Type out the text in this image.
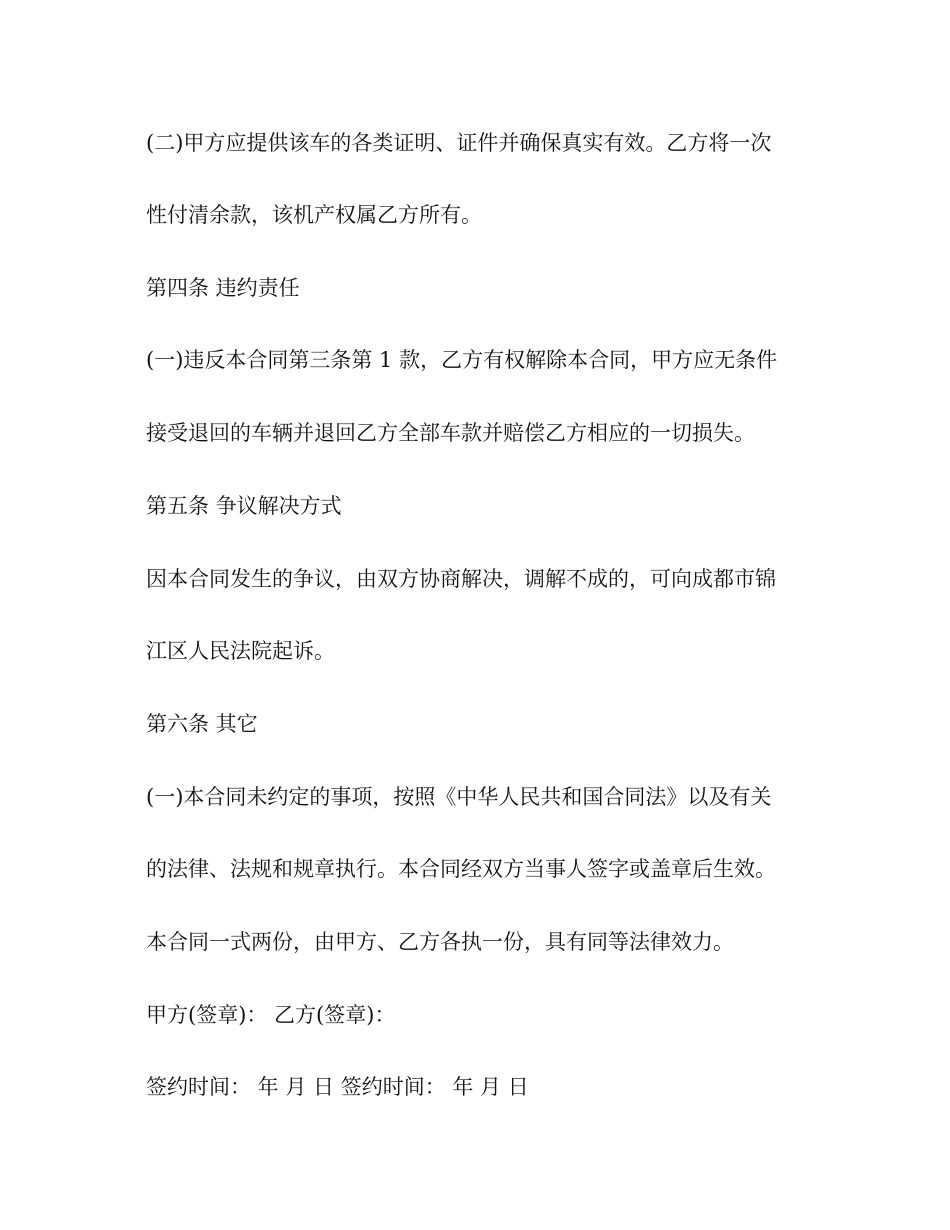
(二)甲方应提供该车的各类证明、证件并确保真实有效。乙方将一次
性付清余款，该机产权属乙方所有。
第四条 违约责任
(一)违反本合同第三条第 1 款，乙方有权解除本合同，甲方应无条件
接受退回的车辆并退回乙方全部车款并赔偿乙方相应的一切损失。
第五条 争议解决方式
因本合同发生的争议，由双方协商解决，调解不成的，可向成都市锦
江区人民法院起诉。
第六条 其它
(一)本合同未约定的事项，按照《中华人民共和国合同法》以及有关
的法律、法规和规章执行。本合同经双方当事人签字或盖章后生效。
本合同一式两份，由甲方、乙方各执一份，具有同等法律效力。
甲方(签章)： 乙方(签章)：
签约时间： 年 月 日 签约时间： 年 月 日
